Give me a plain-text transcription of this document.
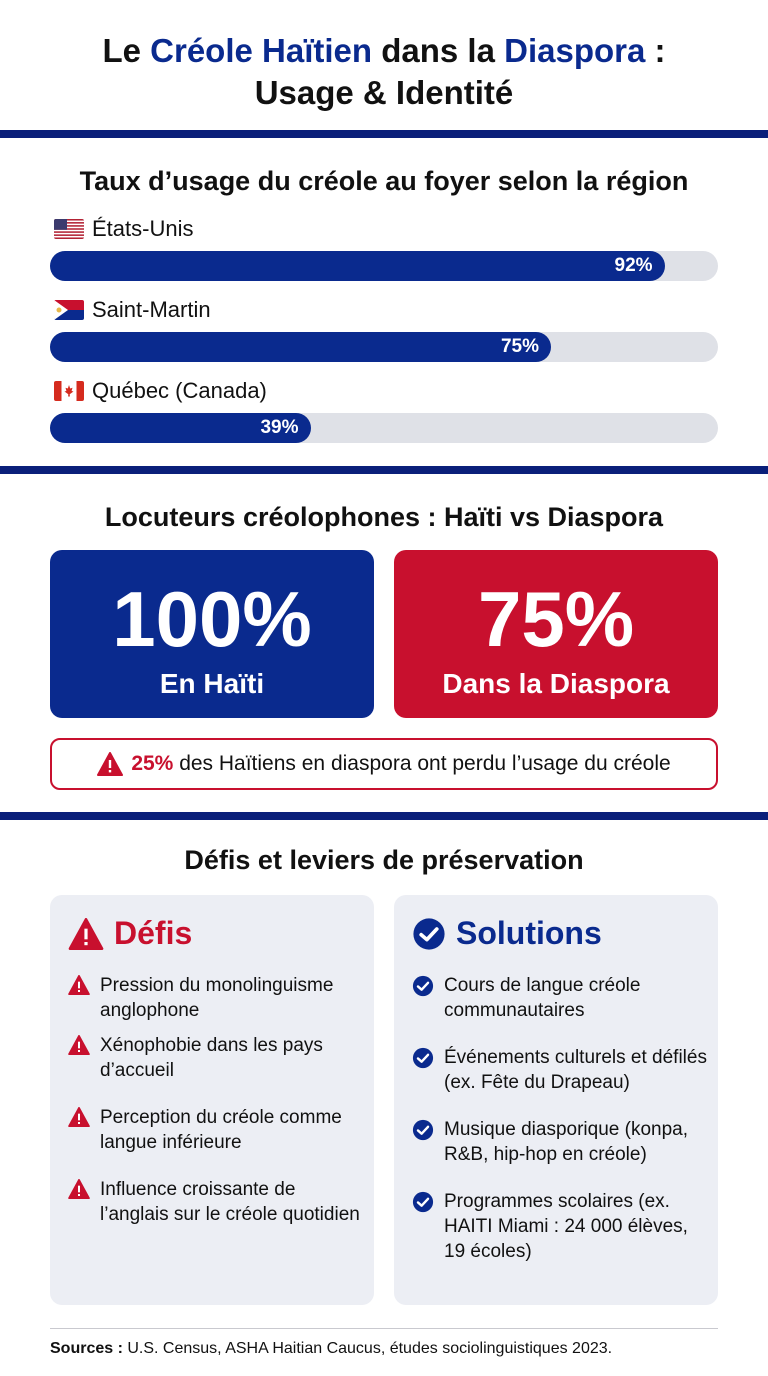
Le Créole Haïtien dans la Diaspora :
Usage & Identité
Taux d’usage du créole au foyer selon la région
États-Unis
92%
Saint-Martin
75%
Québec (Canada)
39%
Locuteurs créolophones : Haïti vs Diaspora
100%
En Haïti
75%
Dans la Diaspora
25% des Haïtiens en diaspora ont perdu l’usage du créole
Défis et leviers de préservation
Défis
Pression du monolinguisme anglophone
Xénophobie dans les pays d’accueil
Perception du créole comme langue inférieure
Influence croissante de l’anglais sur le créole quotidien
Solutions
Cours de langue créole communautaires
Événements culturels et défilés (ex. Fête du Drapeau)
Musique diasporique (konpa, R&B, hip-hop en créole)
Programmes scolaires (ex. HAITI Miami : 24 000 élèves, 19 écoles)
Sources : U.S. Census, ASHA Haitian Caucus, études sociolinguistiques 2023.
